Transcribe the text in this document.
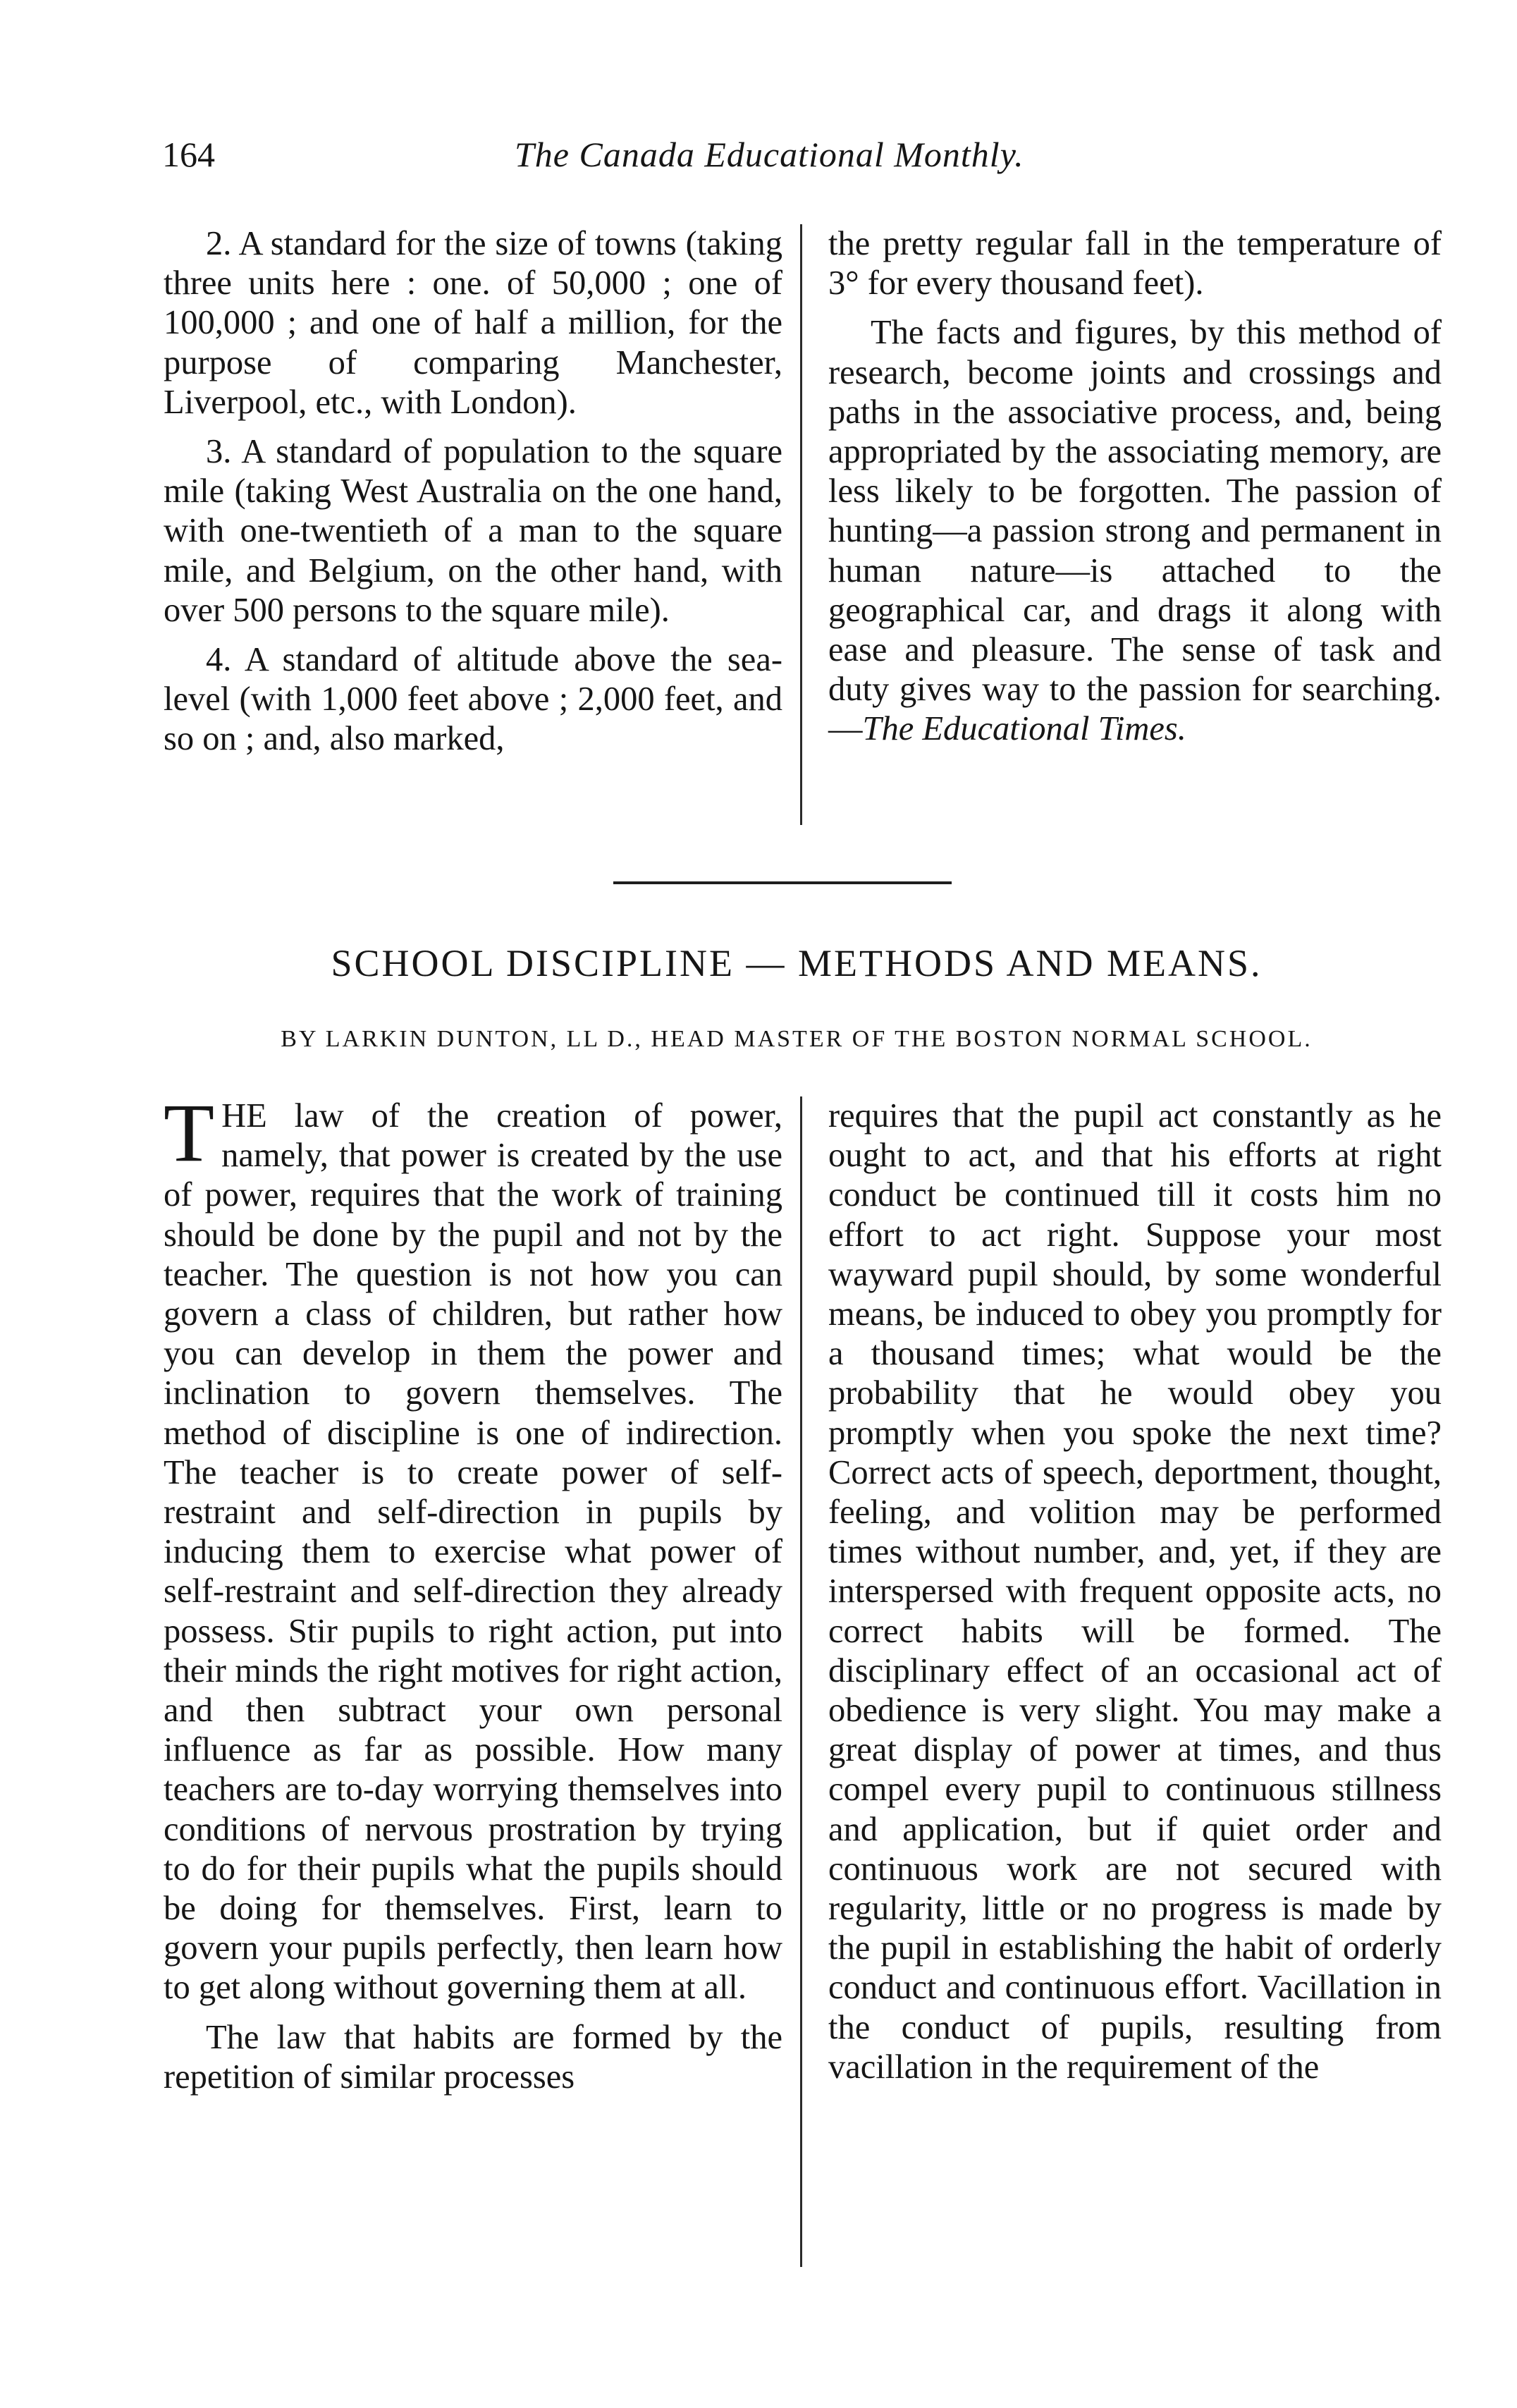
164	The Canada Educational Monthly.

2. A standard for the size of towns (taking three units here : one. of 50,000 ; one of 100,000 ; and one of half a million, for the purpose of comparing Manchester, Liverpool, etc., with London).

3. A standard of population to the square mile (taking West Australia on the one hand, with one-twentieth of a man to the square mile, and Belgium, on the other hand, with over 500 persons to the square mile).

4. A standard of altitude above the sea-level (with 1,000 feet above ; 2,000 feet, and so on ; and, also marked,

the pretty regular fall in the temperature of 3° for every thousand feet).

The facts and figures, by this method of research, become joints and crossings and paths in the associative process, and, being appropriated by the associating memory, are less likely to be forgotten. The passion of hunting—a passion strong and permanent in human nature—is attached to the geographical car, and drags it along with ease and pleasure. The sense of task and duty gives way to the passion for searching.—The Educational Times.

SCHOOL DISCIPLINE — METHODS AND MEANS.
BY LARKIN DUNTON, LL D., HEAD MASTER OF THE BOSTON NORMAL SCHOOL.

THE law of the creation of power, namely, that power is created by the use of power, requires that the work of training should be done by the pupil and not by the teacher. The question is not how you can govern a class of children, but rather how you can develop in them the power and inclination to govern themselves. The method of discipline is one of indirection. The teacher is to create power of self-restraint and self-direction in pupils by inducing them to exercise what power of self-restraint and self-direction they already possess. Stir pupils to right action, put into their minds the right motives for right action, and then subtract your own personal influence as far as possible. How many teachers are to-day worrying themselves into conditions of nervous prostration by trying to do for their pupils what the pupils should be doing for themselves. First, learn to govern your pupils perfectly, then learn how to get along without governing them at all.

The law that habits are formed by the repetition of similar processes

requires that the pupil act constantly as he ought to act, and that his efforts at right conduct be continued till it costs him no effort to act right. Suppose your most wayward pupil should, by some wonderful means, be induced to obey you promptly for a thousand times; what would be the probability that he would obey you promptly when you spoke the next time? Correct acts of speech, deportment, thought, feeling, and volition may be performed times without number, and, yet, if they are interspersed with frequent opposite acts, no correct habits will be formed. The disciplinary effect of an occasional act of obedience is very slight. You may make a great display of power at times, and thus compel every pupil to continuous stillness and application, but if quiet order and continuous work are not secured with regularity, little or no progress is made by the pupil in establishing the habit of orderly conduct and continuous effort. Vacillation in the conduct of pupils, resulting from vacillation in the requirement of the
